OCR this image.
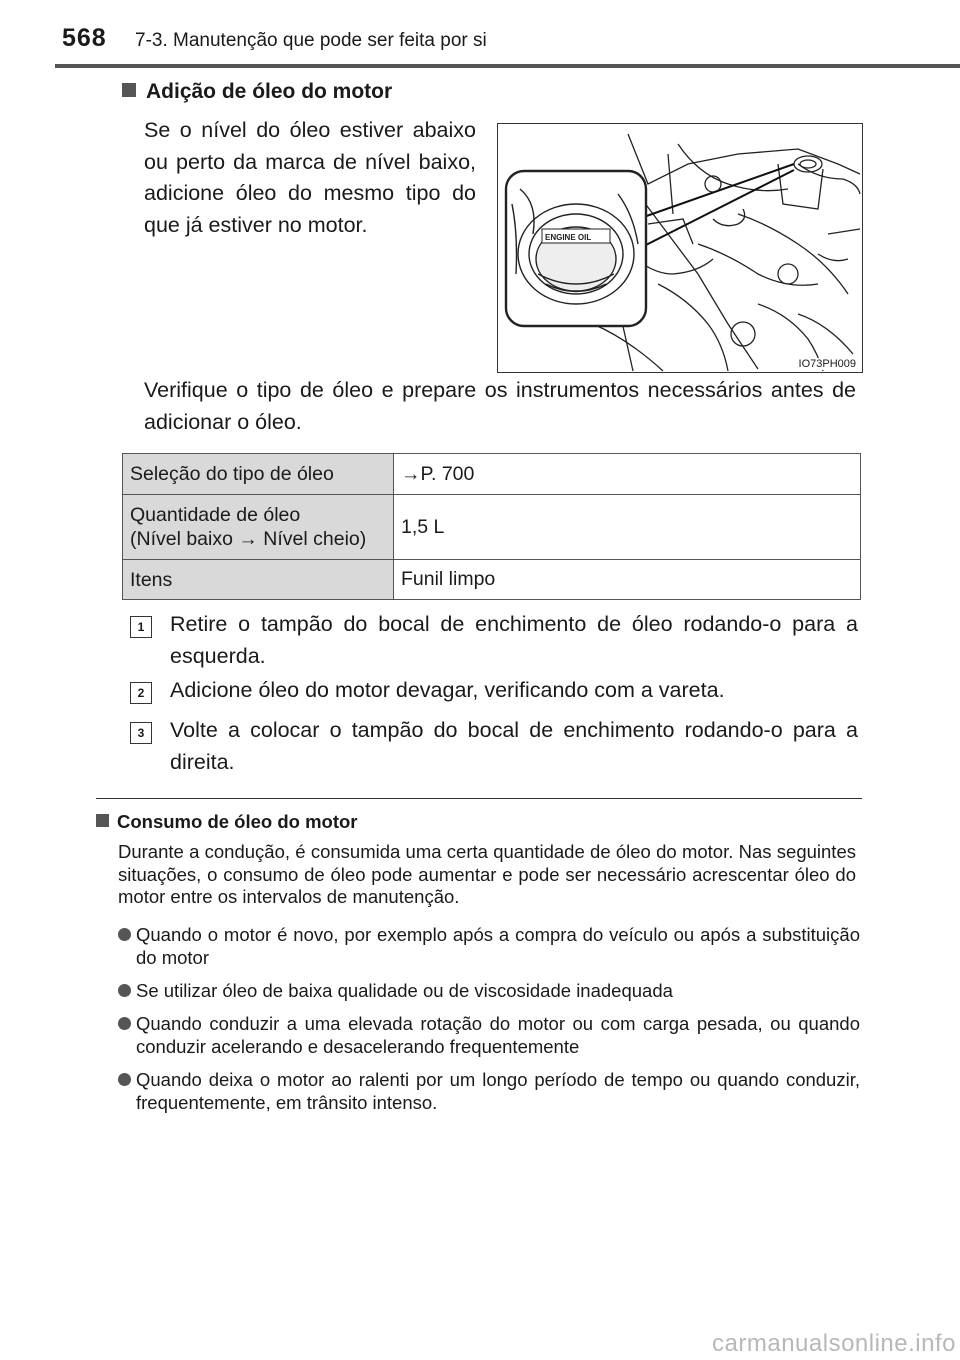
568 7-3. Manutenção que pode ser feita por si
Adição de óleo do motor
Se o nível do óleo estiver abaixo ou perto da marca de nível baixo, adicione óleo do mesmo tipo do que já estiver no motor.
ENGINE OIL
IO73PH009
Verifique o tipo de óleo e prepare os instrumentos necessários antes de adicionar o óleo.
Seleção do tipo de óleo	→P. 700
Quantidade de óleo
(Nível baixo → Nível cheio)	1,5 L
Itens	Funil limpo
1	Retire o tampão do bocal de enchimento de óleo rodando-o para a esquerda.
2	Adicione óleo do motor devagar, verificando com a vareta.
3	Volte a colocar o tampão do bocal de enchimento rodando-o para a direita.
Consumo de óleo do motor
Durante a condução, é consumida uma certa quantidade de óleo do motor. Nas seguintes situações, o consumo de óleo pode aumentar e pode ser necessário acrescentar óleo do motor entre os intervalos de manutenção.
Quando o motor é novo, por exemplo após a compra do veículo ou após a substituição do motor
Se utilizar óleo de baixa qualidade ou de viscosidade inadequada
Quando conduzir a uma elevada rotação do motor ou com carga pesada, ou quando conduzir acelerando e desacelerando frequentemente
Quando deixa o motor ao ralenti por um longo período de tempo ou quando conduzir, frequentemente, em trânsito intenso.
carmanualsonline.info
